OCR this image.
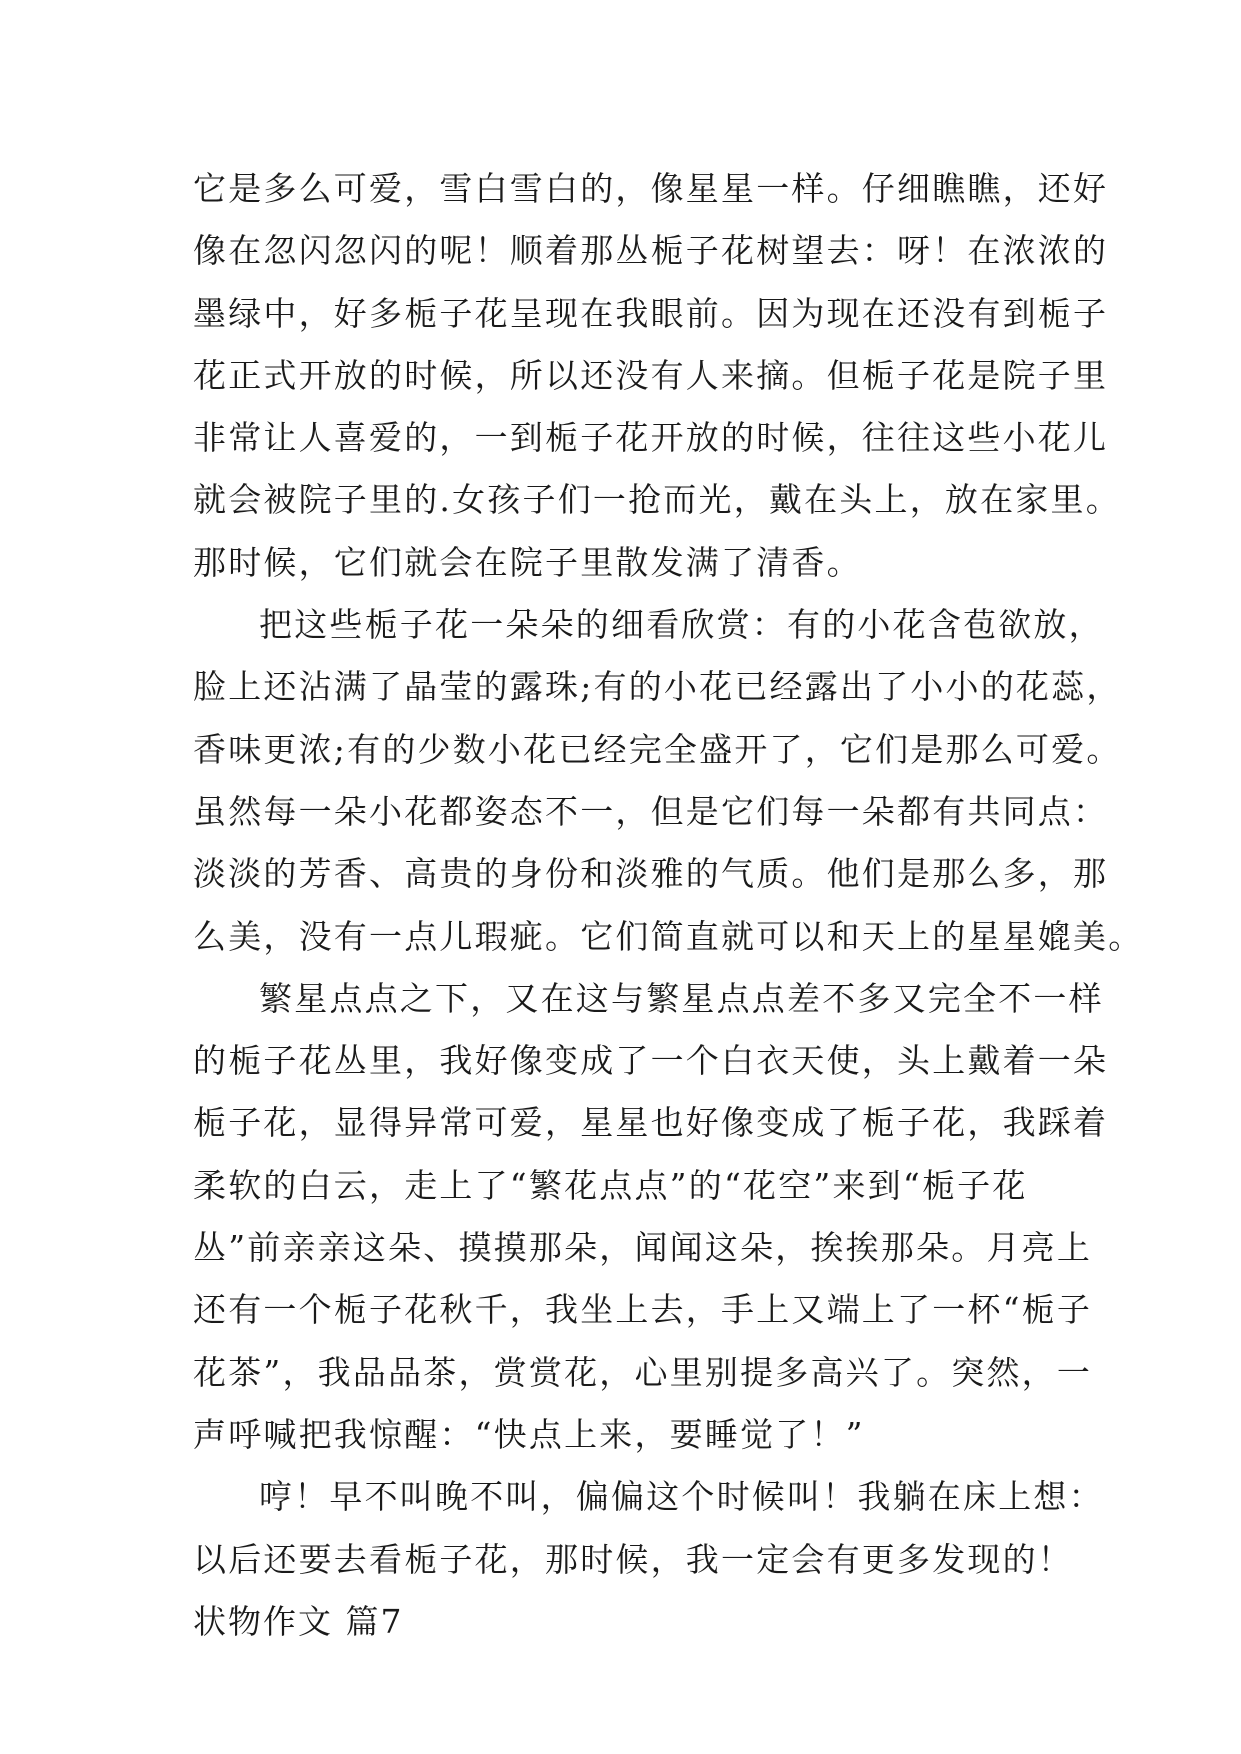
它是多么可爱，雪白雪白的，像星星一样。仔细瞧瞧，还好
像在忽闪忽闪的呢！顺着那丛栀子花树望去：呀！在浓浓的
墨绿中，好多栀子花呈现在我眼前。因为现在还没有到栀子
花正式开放的时候，所以还没有人来摘。但栀子花是院子里
非常让人喜爱的，一到栀子花开放的时候，往往这些小花儿
就会被院子里的.女孩子们一抢而光，戴在头上，放在家里。
那时候，它们就会在院子里散发满了清香。
把这些栀子花一朵朵的细看欣赏：有的小花含苞欲放，
脸上还沾满了晶莹的露珠;有的小花已经露出了小小的花蕊，
香味更浓;有的少数小花已经完全盛开了，它们是那么可爱。
虽然每一朵小花都姿态不一，但是它们每一朵都有共同点：
淡淡的芳香、高贵的身份和淡雅的气质。他们是那么多，那
么美，没有一点儿瑕疵。它们简直就可以和天上的星星媲美。
繁星点点之下，又在这与繁星点点差不多又完全不一样
的栀子花丛里，我好像变成了一个白衣天使，头上戴着一朵
栀子花，显得异常可爱，星星也好像变成了栀子花，我踩着
柔软的白云，走上了“繁花点点”的“花空”来到“栀子花
丛”前亲亲这朵、摸摸那朵，闻闻这朵，挨挨那朵。月亮上
还有一个栀子花秋千，我坐上去，手上又端上了一杯“栀子
花茶”，我品品茶，赏赏花，心里别提多高兴了。突然，一
声呼喊把我惊醒：“快点上来，要睡觉了！”
哼！早不叫晚不叫，偏偏这个时候叫！我躺在床上想：
以后还要去看栀子花，那时候，我一定会有更多发现的！
状物作文 篇7
